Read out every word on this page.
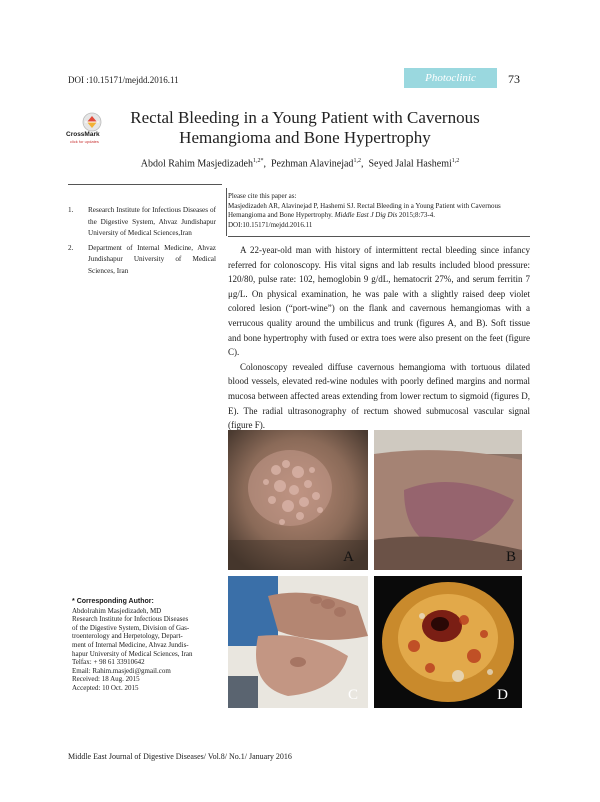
DOI :10.15171/mejdd.2016.11	Photoclinic	73
CrossMark
click for updates
Rectal Bleeding in a Young Patient with Cavernous
Hemangioma and Bone Hypertrophy
Abdol Rahim Masjedizadeh$^{1,2*}$,  Pezhman Alavinejad$^{1,2}$,  Seyed Jalal Hashemi$^{1,2}$
Please cite this paper as:
Masjedizadeh AR, Alavinejad P, Hashemi SJ. Rectal Bleeding in a Young Patient with Cavernous Hemangioma and Bone Hypertrophy. Middle East J Dig Dis 2015;8:73-4.
DOI:10.15171/mejdd.2016.11
1. Research Institute for Infectious Diseases of the Digestive System, Ahvaz Jundishapur University of Medical Sciences,Iran
2. Department of Internal Medicine, Ahvaz Jundishapur University of Medical Sciences, Iran

A 22-year-old man with history of intermittent rectal bleeding since infancy referred for colonoscopy. His vital signs and lab results included blood pressure: 120/80, pulse rate: 102, hemoglobin 9 g/dL, hematocrit 27%, and serum ferritin 7 μg/L. On physical examination, he was pale with a slightly raised deep violet colored lesion (“port-wine”) on the flank and cavernous hemangiomas with a verrucous quality around the umbilicus and trunk (figures A, and B). Soft tissue and bone hypertrophy with fused or extra toes were also present on the feet (figure C).

Colonoscopy revealed diffuse cavernous hemangioma with tortuous dilated blood vessels, elevated red-wine nodules with poorly defined margins and normal mucosa between affected areas extending from lower rectum to sigmoid (figures D, E). The radial ultrasonography of rectum showed submucosal vascular signal (figure F).

A	B
C	D
* Corresponding Author:
Abdolrahim Masjedizadeh, MD
Research Institute for Infectious Diseases
of the Digestive System, Division of Gas-
troenterology and Herpetology, Depart-
ment of Internal Medicine, Ahvaz Jundis-
hapur University of Medical Sciences, Iran
Telfax: + 98 61 33910642
Email: Rahim.masjedi@gmail.com
Received: 18 Aug. 2015
Accepted: 10 Oct. 2015
Middle East Journal of Digestive Diseases/ Vol.8/ No.1/ January 2016
